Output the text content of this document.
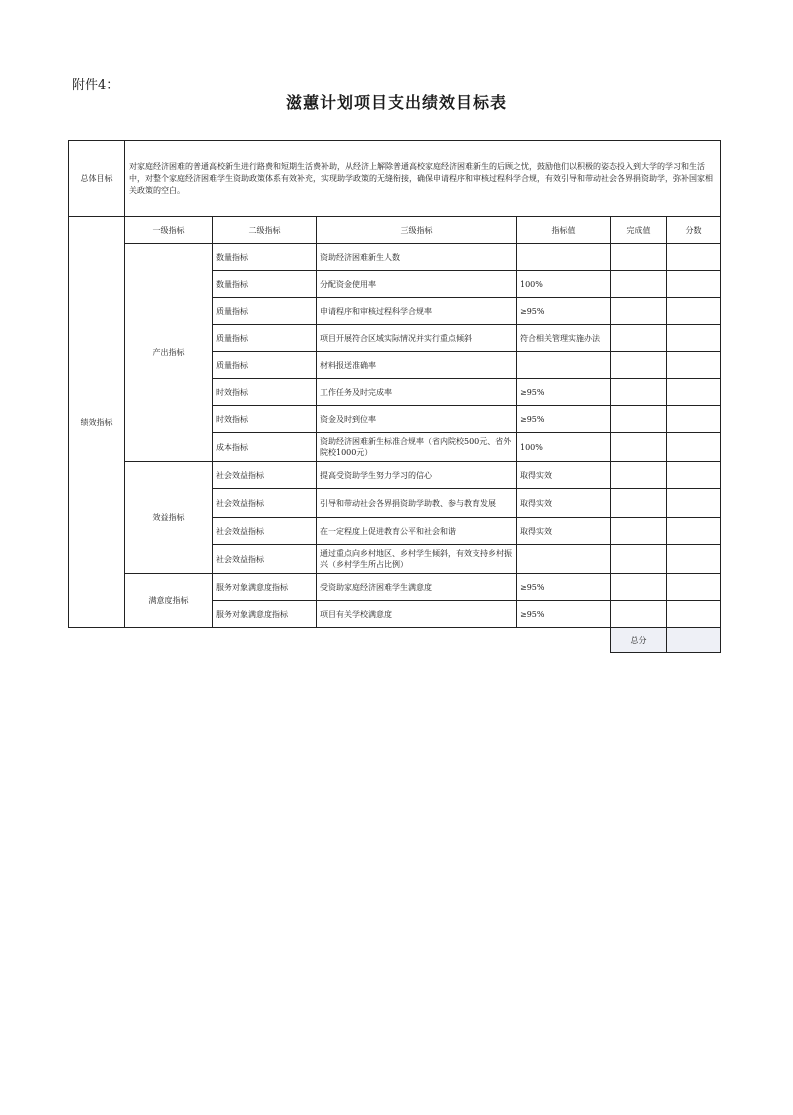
附件4：
滋蕙计划项目支出绩效目标表
总体目标	对家庭经济困难的普通高校新生进行路费和短期生活费补助，从经济上解除普通高校家庭经济困难新生的后顾之忧，鼓励他们以积极的姿态投入到大学的学习和生活中，对整个家庭经济困难学生资助政策体系有效补充，实现助学政策的无缝衔接，确保申请程序和审核过程科学合规，有效引导和带动社会各界捐资助学，弥补国家相关政策的空白。					
绩效指标	一级指标	二级指标	三级指标	指标值	完成值	分数
	产出指标	数量指标	资助经济困难新生人数			
		数量指标	分配资金使用率	100%		
		质量指标	申请程序和审核过程科学合规率	≥95%		
		质量指标	项目开展符合区域实际情况并实行重点倾斜	符合相关管理实施办法		
		质量指标	材料报送准确率			
		时效指标	工作任务及时完成率	≥95%		
		时效指标	资金及时到位率	≥95%		
		成本指标	资助经济困难新生标准合规率（省内院校500元、省外院校1000元）	100%		
	效益指标	社会效益指标	提高受资助学生努力学习的信心	取得实效		
		社会效益指标	引导和带动社会各界捐资助学助教、参与教育发展	取得实效		
		社会效益指标	在一定程度上促进教育公平和社会和谐	取得实效		
		社会效益指标	通过重点向乡村地区、乡村学生倾斜，有效支持乡村振兴（乡村学生所占比例）			
	满意度指标	服务对象满意度指标	受资助家庭经济困难学生满意度	≥95%		
		服务对象满意度指标	项目有关学校满意度	≥95%		
					总分	
